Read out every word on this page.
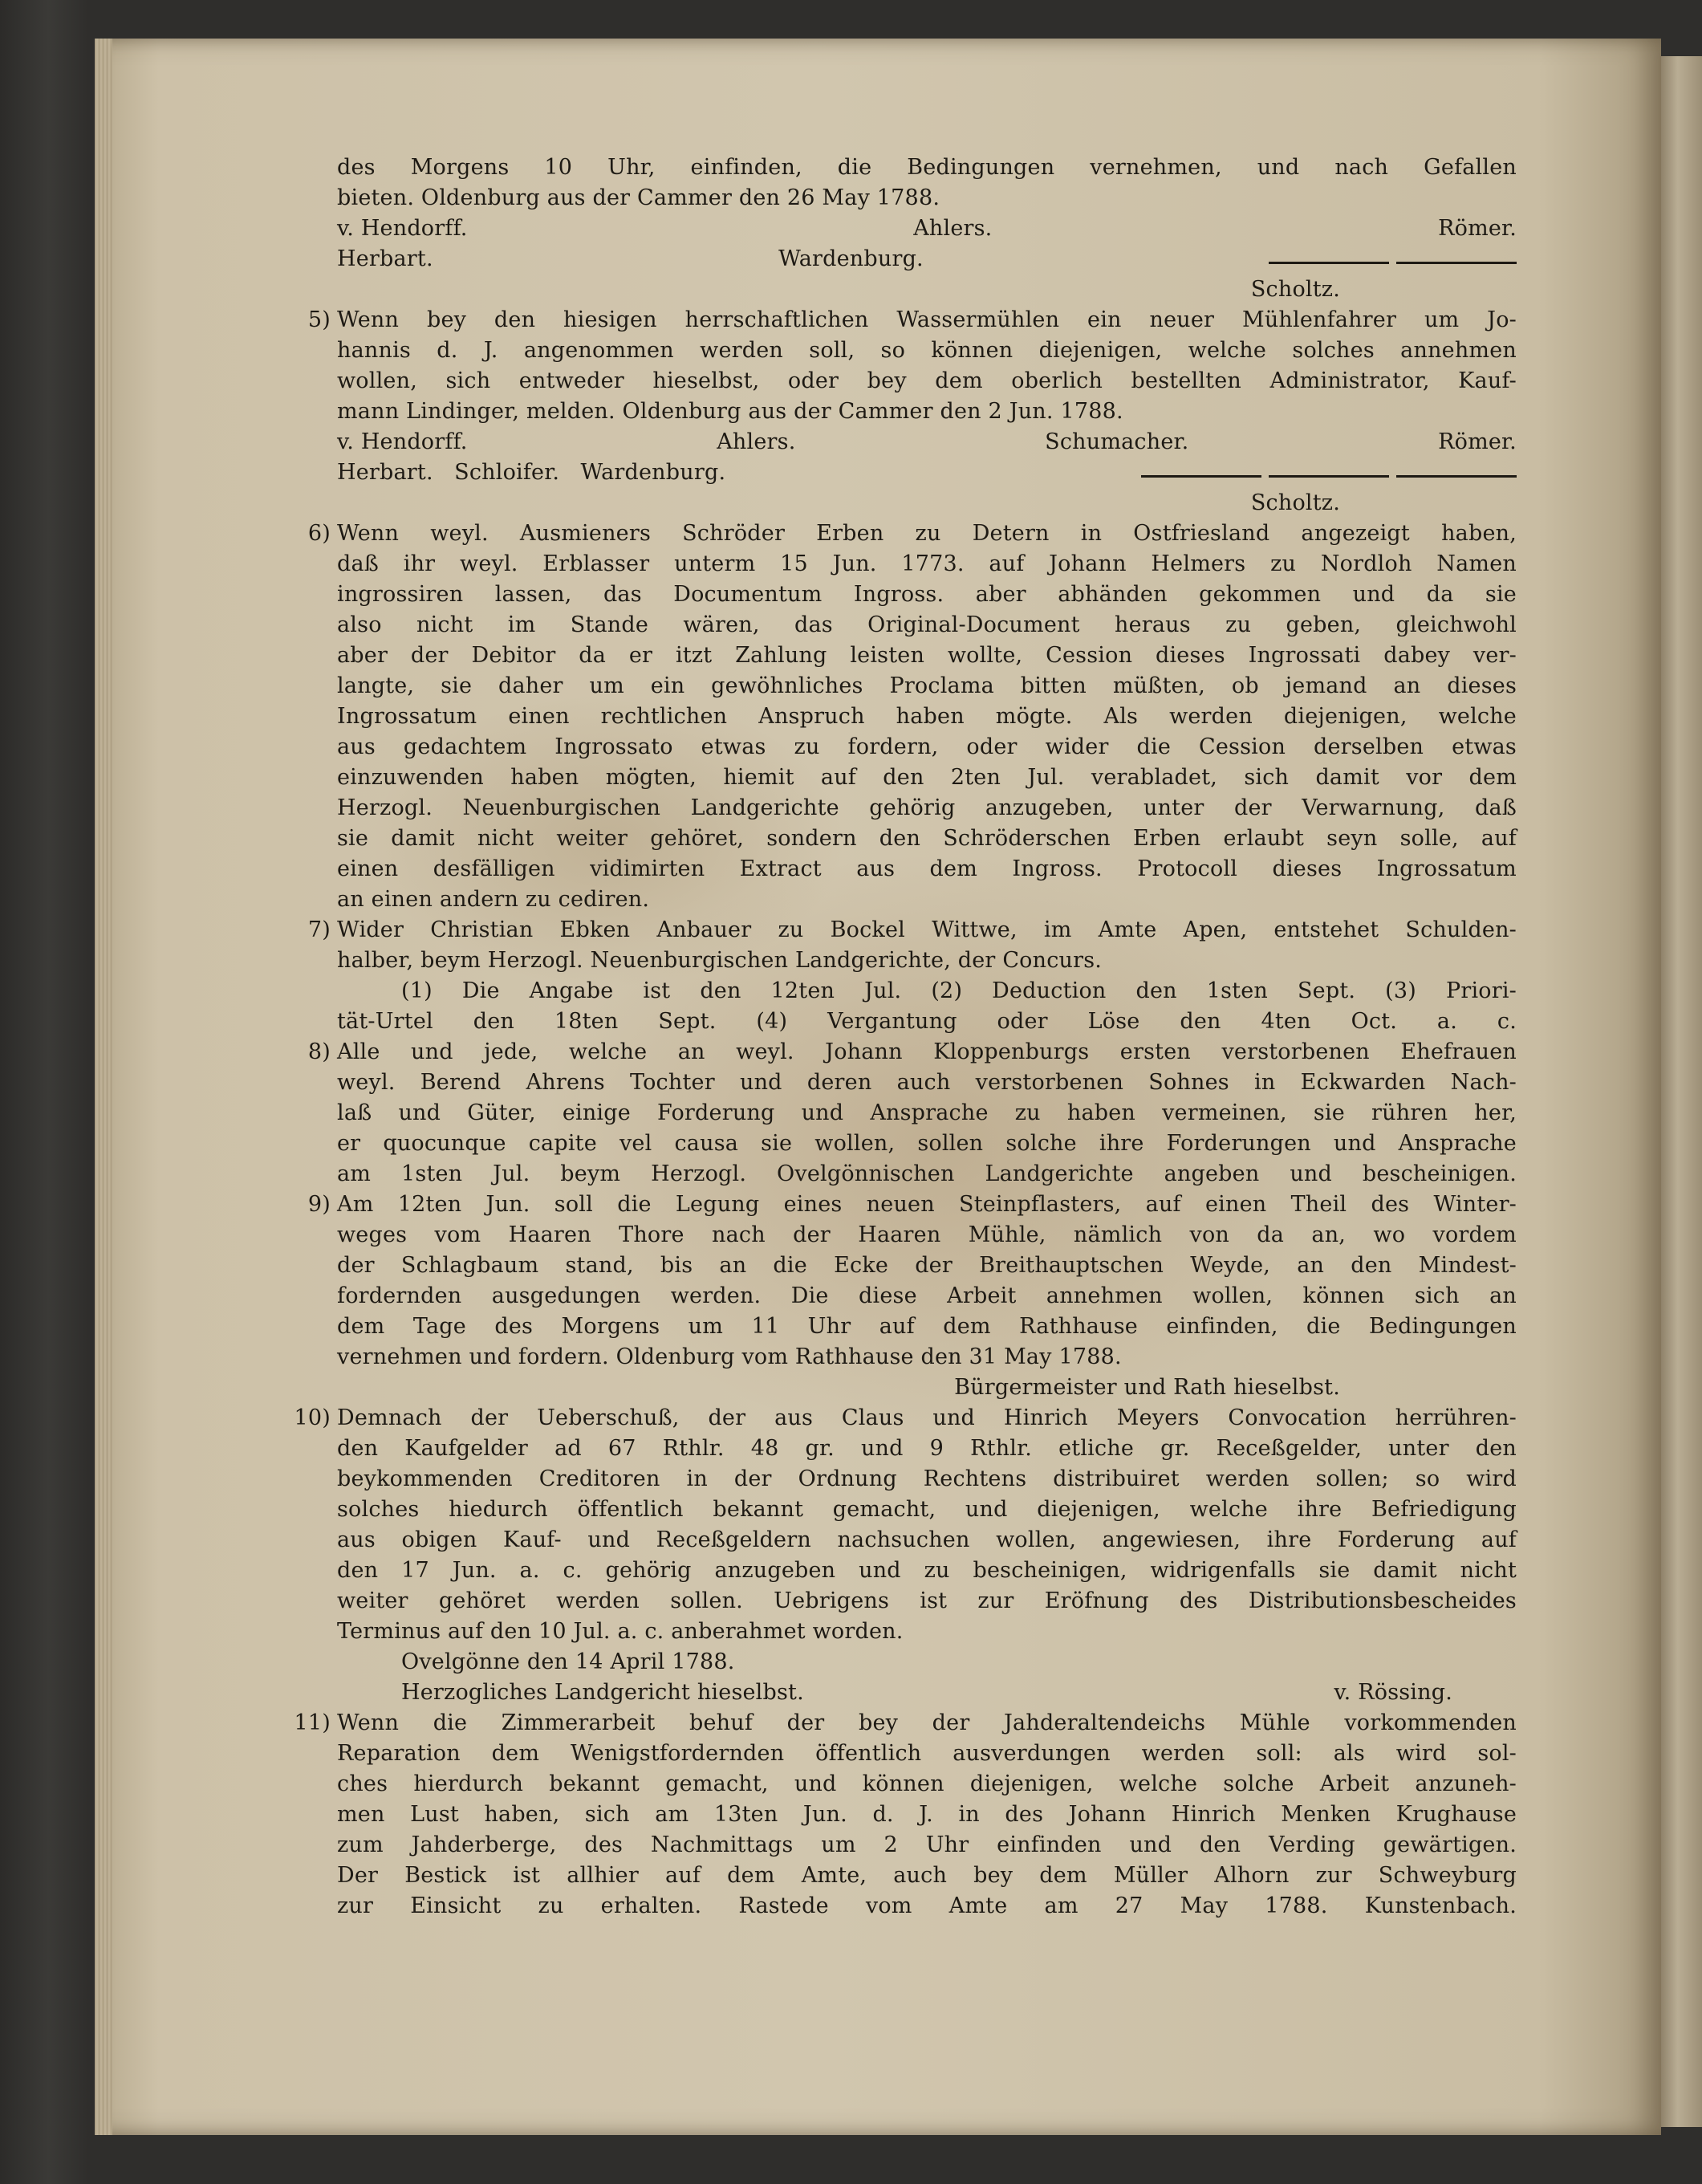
des Morgens 10 Uhr, einfinden, die Bedingungen vernehmen, und nach Gefallen
bieten. Oldenburg aus der Cammer den 26 May 1788.
v. Hendorff.	Ahlers.	Römer.
Herbart.	Wardenburg.

Scholtz.
5) Wenn bey den hiesigen herrschaftlichen Wassermühlen ein neuer Mühlenfahrer um Jo-
hannis d. J. angenommen werden soll, so können diejenigen, welche solches annehmen
wollen, sich entweder hieselbst, oder bey dem oberlich bestellten Administrator, Kauf-
mann Lindinger, melden. Oldenburg aus der Cammer den 2 Jun. 1788.
v. Hendorff.	Ahlers.	Schumacher.	Römer.
Herbart. Schloifer. Wardenburg.

Scholtz.
6) Wenn weyl. Ausmieners Schröder Erben zu Detern in Ostfriesland angezeigt haben,
daß ihr weyl. Erblasser unterm 15 Jun. 1773. auf Johann Helmers zu Nordloh Namen
ingrossiren lassen, das Documentum Ingross. aber abhänden gekommen und da sie
also nicht im Stande wären, das Original-Document heraus zu geben, gleichwohl
aber der Debitor da er itzt Zahlung leisten wollte, Cession dieses Ingrossati dabey ver-
langte, sie daher um ein gewöhnliches Proclama bitten müßten, ob jemand an dieses
Ingrossatum einen rechtlichen Anspruch haben mögte. Als werden diejenigen, welche
aus gedachtem Ingrossato etwas zu fordern, oder wider die Cession derselben etwas
einzuwenden haben mögten, hiemit auf den 2ten Jul. verabladet, sich damit vor dem
Herzogl. Neuenburgischen Landgerichte gehörig anzugeben, unter der Verwarnung, daß
sie damit nicht weiter gehöret, sondern den Schröderschen Erben erlaubt seyn solle, auf
einen desfälligen vidimirten Extract aus dem Ingross. Protocoll dieses Ingrossatum
an einen andern zu cediren.
7) Wider Christian Ebken Anbauer zu Bockel Wittwe, im Amte Apen, entstehet Schulden-
halber, beym Herzogl. Neuenburgischen Landgerichte, der Concurs.
(1) Die Angabe ist den 12ten Jul. (2) Deduction den 1sten Sept. (3) Priori-
tät-Urtel den 18ten Sept. (4) Vergantung oder Löse den 4ten Oct. a. c.
8) Alle und jede, welche an weyl. Johann Kloppenburgs ersten verstorbenen Ehefrauen
weyl. Berend Ahrens Tochter und deren auch verstorbenen Sohnes in Eckwarden Nach-
laß und Güter, einige Forderung und Ansprache zu haben vermeinen, sie rühren her,
er quocunque capite vel causa sie wollen, sollen solche ihre Forderungen und Ansprache
am 1sten Jul. beym Herzogl. Ovelgönnischen Landgerichte angeben und bescheinigen.
9) Am 12ten Jun. soll die Legung eines neuen Steinpflasters, auf einen Theil des Winter-
weges vom Haaren Thore nach der Haaren Mühle, nämlich von da an, wo vordem
der Schlagbaum stand, bis an die Ecke der Breithauptschen Weyde, an den Mindest-
fordernden ausgedungen werden. Die diese Arbeit annehmen wollen, können sich an
dem Tage des Morgens um 11 Uhr auf dem Rathhause einfinden, die Bedingungen
vernehmen und fordern. Oldenburg vom Rathhause den 31 May 1788.
Bürgermeister und Rath hieselbst.
10) Demnach der Ueberschuß, der aus Claus und Hinrich Meyers Convocation herrühren-
den Kaufgelder ad 67 Rthlr. 48 gr. und 9 Rthlr. etliche gr. Receßgelder, unter den
beykommenden Creditoren in der Ordnung Rechtens distribuiret werden sollen; so wird
solches hiedurch öffentlich bekannt gemacht, und diejenigen, welche ihre Befriedigung
aus obigen Kauf- und Receßgeldern nachsuchen wollen, angewiesen, ihre Forderung auf
den 17 Jun. a. c. gehörig anzugeben und zu bescheinigen, widrigenfalls sie damit nicht
weiter gehöret werden sollen. Uebrigens ist zur Eröfnung des Distributionsbescheides
Terminus auf den 10 Jul. a. c. anberahmet worden.
Ovelgönne den 14 April 1788.
Herzogliches Landgericht hieselbst.	v. Rössing.
11) Wenn die Zimmerarbeit behuf der bey der Jahderaltendeichs Mühle vorkommenden
Reparation dem Wenigstfordernden öffentlich ausverdungen werden soll: als wird sol-
ches hierdurch bekannt gemacht, und können diejenigen, welche solche Arbeit anzuneh-
men Lust haben, sich am 13ten Jun. d. J. in des Johann Hinrich Menken Krughause
zum Jahderberge, des Nachmittags um 2 Uhr einfinden und den Verding gewärtigen.
Der Bestick ist allhier auf dem Amte, auch bey dem Müller Alhorn zur Schweyburg
zur Einsicht zu erhalten. Rastede vom Amte am 27 May 1788. Kunstenbach.
